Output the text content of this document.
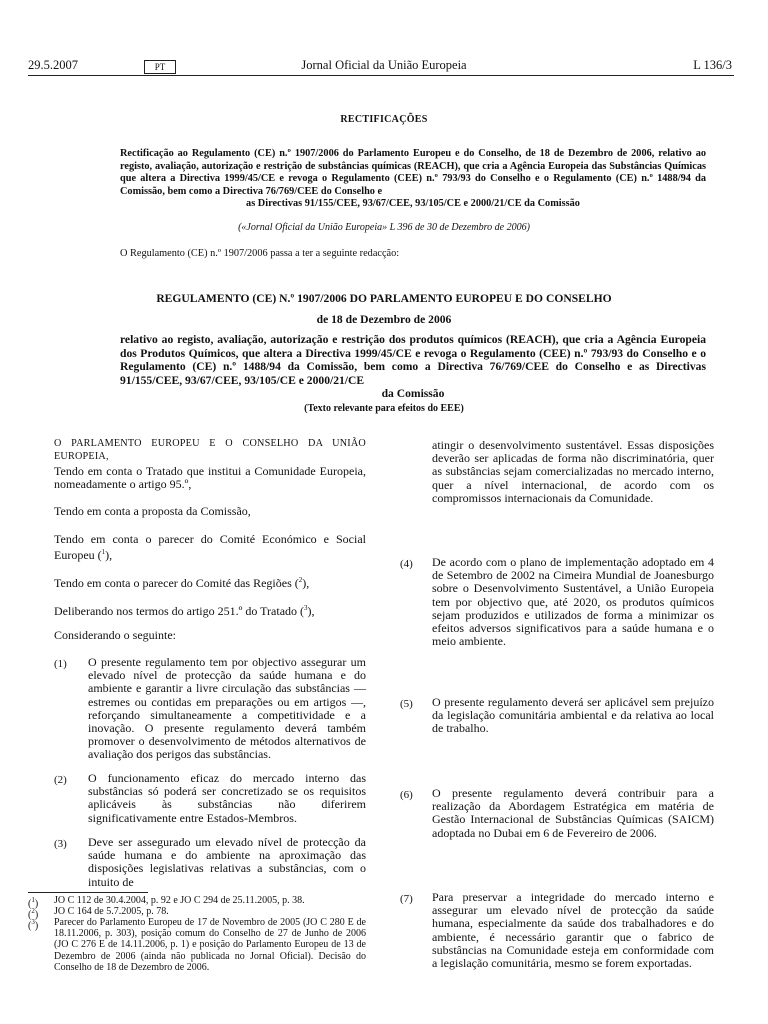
29.5.2007	PT	Jornal Oficial da União Europeia	L 136/3
RECTIFICAÇÕES
Rectificação ao Regulamento (CE) n.º 1907/2006 do Parlamento Europeu e do Conselho, de 18 de Dezembro de 2006, relativo ao registo, avaliação, autorização e restrição de substâncias químicas (REACH), que cria a Agência Europeia das Substâncias Químicas que altera a Directiva 1999/45/CE e revoga o Regulamento (CEE) n.º 793/93 do Conselho e o Regulamento (CE) n.º 1488/94 da Comissão, bem como a Directiva 76/769/CEE do Conselho e
as Directivas 91/155/CEE, 93/67/CEE, 93/105/CE e 2000/21/CE da Comissão
(«Jornal Oficial da União Europeia» L 396 de 30 de Dezembro de 2006)
O Regulamento (CE) n.º 1907/2006 passa a ter a seguinte redacção:
REGULAMENTO (CE) N.º 1907/2006 DO PARLAMENTO EUROPEU E DO CONSELHO
de 18 de Dezembro de 2006
relativo ao registo, avaliação, autorização e restrição dos produtos químicos (REACH), que cria a Agência Europeia dos Produtos Químicos, que altera a Directiva 1999/45/CE e revoga o Regulamento (CEE) n.º 793/93 do Conselho e o Regulamento (CE) n.º 1488/94 da Comissão, bem como a Directiva 76/769/CEE do Conselho e as Directivas 91/155/CEE, 93/67/CEE, 93/105/CE e 2000/21/CE
da Comissão
(Texto relevante para efeitos do EEE)
O PARLAMENTO EUROPEU E O CONSELHO DA UNIÃO EUROPEIA,
Tendo em conta o Tratado que institui a Comunidade Europeia, nomeadamente o artigo 95.º,
Tendo em conta a proposta da Comissão,
Tendo em conta o parecer do Comité Económico e Social Europeu ($^1$),
Tendo em conta o parecer do Comité das Regiões ($^2$),
Deliberando nos termos do artigo 251.º do Tratado ($^3$),
Considerando o seguinte:
(1) O presente regulamento tem por objectivo assegurar um elevado nível de protecção da saúde humana e do ambiente e garantir a livre circulação das substâncias — estremes ou contidas em preparações ou em artigos —, reforçando simultaneamente a competitividade e a inovação. O presente regulamento deverá também promover o desenvolvimento de métodos alternativos de avaliação dos perigos das substâncias.
(2) O funcionamento eficaz do mercado interno das substâncias só poderá ser concretizado se os requisitos aplicáveis às substâncias não diferirem significativamente entre Estados-Membros.
(3) Deve ser assegurado um elevado nível de protecção da saúde humana e do ambiente na aproximação das disposições legislativas relativas a substâncias, com o intuito de
atingir o desenvolvimento sustentável. Essas disposições deverão ser aplicadas de forma não discriminatória, quer as substâncias sejam comercializadas no mercado interno, quer a nível internacional, de acordo com os compromissos internacionais da Comunidade.
(4) De acordo com o plano de implementação adoptado em 4 de Setembro de 2002 na Cimeira Mundial de Joanesburgo sobre o Desenvolvimento Sustentável, a União Europeia tem por objectivo que, até 2020, os produtos químicos sejam produzidos e utilizados de forma a minimizar os efeitos adversos significativos para a saúde humana e o meio ambiente.
(5) O presente regulamento deverá ser aplicável sem prejuízo da legislação comunitária ambiental e da relativa ao local de trabalho.
(6) O presente regulamento deverá contribuir para a realização da Abordagem Estratégica em matéria de Gestão Internacional de Substâncias Químicas (SAICM) adoptada no Dubai em 6 de Fevereiro de 2006.
(7) Para preservar a integridade do mercado interno e assegurar um elevado nível de protecção da saúde humana, especialmente da saúde dos trabalhadores e do ambiente, é necessário garantir que o fabrico de substâncias na Comunidade esteja em conformidade com a legislação comunitária, mesmo se forem exportadas.
($^1$)	JO C 112 de 30.4.2004, p. 92 e JO C 294 de 25.11.2005, p. 38.
($^2$)	JO C 164 de 5.7.2005, p. 78.
($^3$)	Parecer do Parlamento Europeu de 17 de Novembro de 2005 (JO C 280 E de 18.11.2006, p. 303), posição comum do Conselho de 27 de Junho de 2006 (JO C 276 E de 14.11.2006, p. 1) e posição do Parlamento Europeu de 13 de Dezembro de 2006 (ainda não publicada no Jornal Oficial). Decisão do Conselho de 18 de Dezembro de 2006.
